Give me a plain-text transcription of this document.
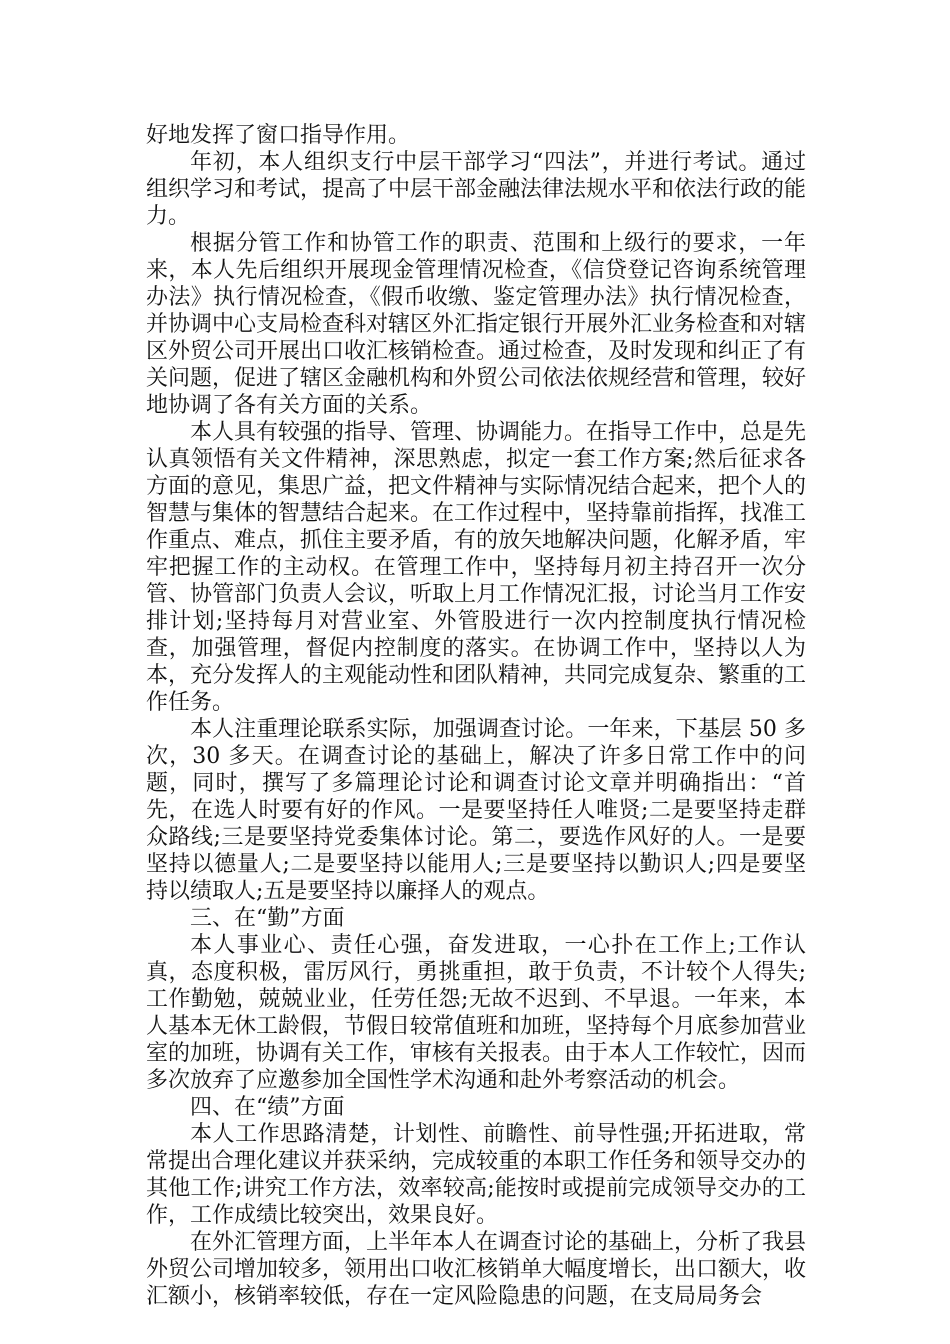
好地发挥了窗口指导作用。

年初，本人组织支行中层干部学习“四法”，并进行考试。通过组织学习和考试，提高了中层干部金融法律法规水平和依法行政的能力。

根据分管工作和协管工作的职责、范围和上级行的要求，一年来，本人先后组织开展现金管理情况检查，《信贷登记咨询系统管理办法》执行情况检查，《假币收缴、鉴定管理办法》执行情况检查，并协调中心支局检查科对辖区外汇指定银行开展外汇业务检查和对辖区外贸公司开展出口收汇核销检查。通过检查，及时发现和纠正了有关问题，促进了辖区金融机构和外贸公司依法依规经营和管理，较好地协调了各有关方面的关系。

本人具有较强的指导、管理、协调能力。在指导工作中，总是先认真领悟有关文件精神，深思熟虑，拟定一套工作方案;然后征求各方面的意见，集思广益，把文件精神与实际情况结合起来，把个人的智慧与集体的智慧结合起来。在工作过程中，坚持靠前指挥，找准工作重点、难点，抓住主要矛盾，有的放矢地解决问题，化解矛盾，牢牢把握工作的主动权。在管理工作中，坚持每月初主持召开一次分管、协管部门负责人会议，听取上月工作情况汇报，讨论当月工作安排计划;坚持每月对营业室、外管股进行一次内控制度执行情况检查，加强管理，督促内控制度的落实。在协调工作中，坚持以人为本，充分发挥人的主观能动性和团队精神，共同完成复杂、繁重的工作任务。

本人注重理论联系实际，加强调查讨论。一年来，下基层 50 多次，30 多天。在调查讨论的基础上，解决了许多日常工作中的问题，同时，撰写了多篇理论讨论和调查讨论文章并明确指出：“首先，在选人时要有好的作风。一是要坚持任人唯贤;二是要坚持走群众路线;三是要坚持党委集体讨论。第二，要选作风好的人。一是要坚持以德量人;二是要坚持以能用人;三是要坚持以勤识人;四是要坚持以绩取人;五是要坚持以廉择人的观点。

三、在“勤”方面

本人事业心、责任心强，奋发进取，一心扑在工作上;工作认真，态度积极，雷厉风行，勇挑重担，敢于负责，不计较个人得失;工作勤勉，兢兢业业，任劳任怨;无故不迟到、不早退。一年来，本人基本无休工龄假，节假日较常值班和加班，坚持每个月底参加营业室的加班，协调有关工作，审核有关报表。由于本人工作较忙，因而多次放弃了应邀参加全国性学术沟通和赴外考察活动的机会。

四、在“绩”方面

本人工作思路清楚，计划性、前瞻性、前导性强;开拓进取，常常提出合理化建议并获采纳，完成较重的本职工作任务和领导交办的其他工作;讲究工作方法，效率较高;能按时或提前完成领导交办的工作，工作成绩比较突出，效果良好。

在外汇管理方面，上半年本人在调查讨论的基础上，分析了我县外贸公司增加较多，领用出口收汇核销单大幅度增长，出口额大，收汇额小，核销率较低，存在一定风险隐患的问题，在支局局务会
